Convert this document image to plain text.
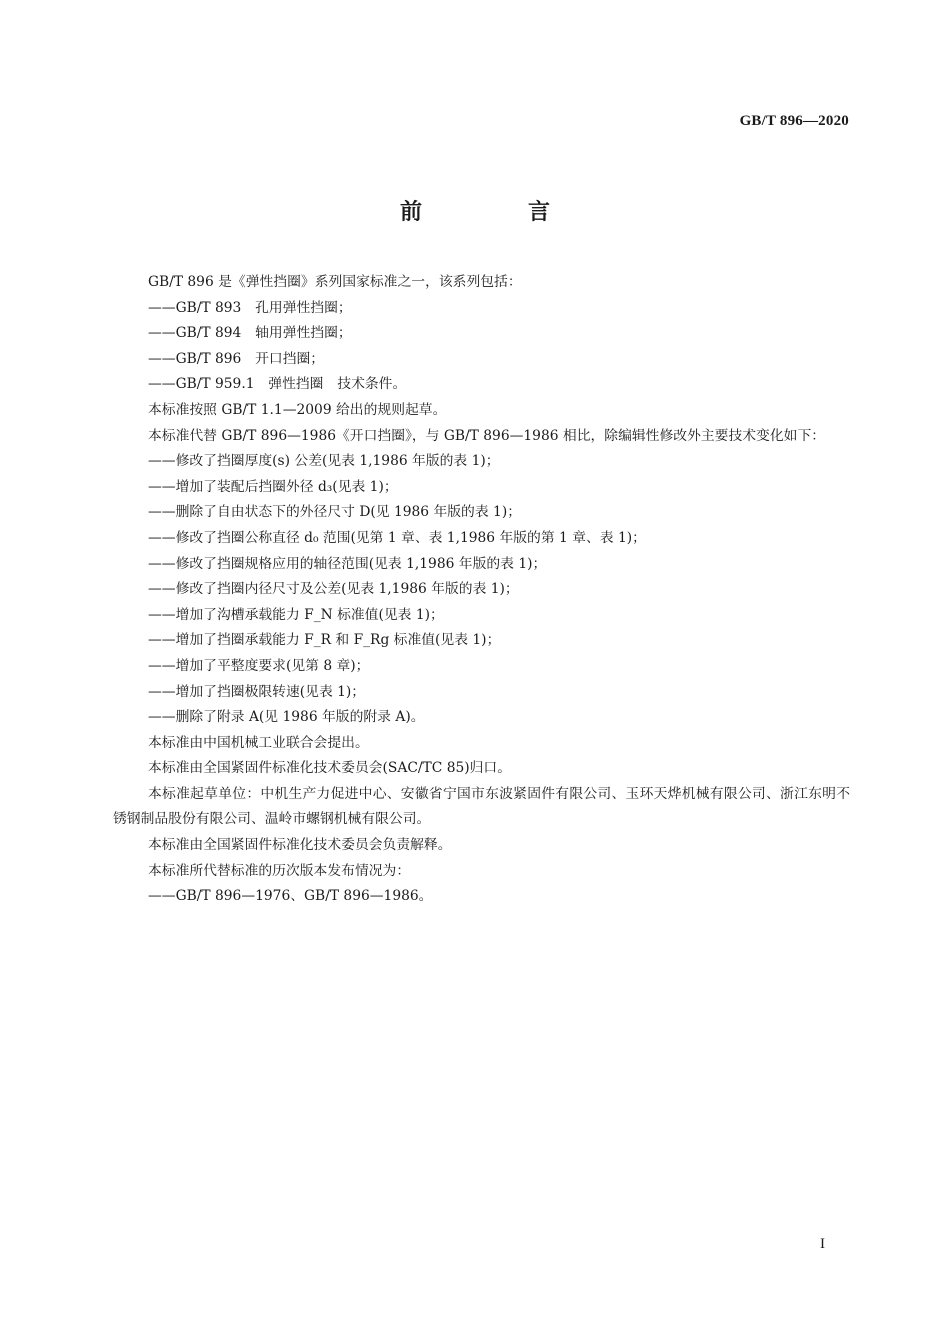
GB/T 896—2020
前　言

GB/T 896 是《弹性挡圈》系列国家标准之一，该系列包括：

——GB/T 893　孔用弹性挡圈；

——GB/T 894　轴用弹性挡圈；

——GB/T 896　开口挡圈；

——GB/T 959.1　弹性挡圈　技术条件。

本标准按照 GB/T 1.1—2009 给出的规则起草。

本标准代替 GB/T 896—1986《开口挡圈》，与 GB/T 896—1986 相比，除编辑性修改外主要技术变化如下：

——修改了挡圈厚度(s) 公差(见表 1,1986 年版的表 1)；

——增加了装配后挡圈外径 d₃(见表 1)；

——删除了自由状态下的外径尺寸 D(见 1986 年版的表 1)；

——修改了挡圈公称直径 d₀ 范围(见第 1 章、表 1,1986 年版的第 1 章、表 1)；

——修改了挡圈规格应用的轴径范围(见表 1,1986 年版的表 1)；

——修改了挡圈内径尺寸及公差(见表 1,1986 年版的表 1)；

——增加了沟槽承载能力 F_N 标准值(见表 1)；

——增加了挡圈承载能力 F_R 和 F_Rg 标准值(见表 1)；

——增加了平整度要求(见第 8 章)；

——增加了挡圈极限转速(见表 1)；

——删除了附录 A(见 1986 年版的附录 A)。

本标准由中国机械工业联合会提出。

本标准由全国紧固件标准化技术委员会(SAC/TC 85)归口。

本标准起草单位：中机生产力促进中心、安徽省宁国市东波紧固件有限公司、玉环天烨机械有限公司、浙江东明不锈钢制品股份有限公司、温岭市螺钢机械有限公司。

本标准由全国紧固件标准化技术委员会负责解释。

本标准所代替标准的历次版本发布情况为：

——GB/T 896—1976、GB/T 896—1986。

I
